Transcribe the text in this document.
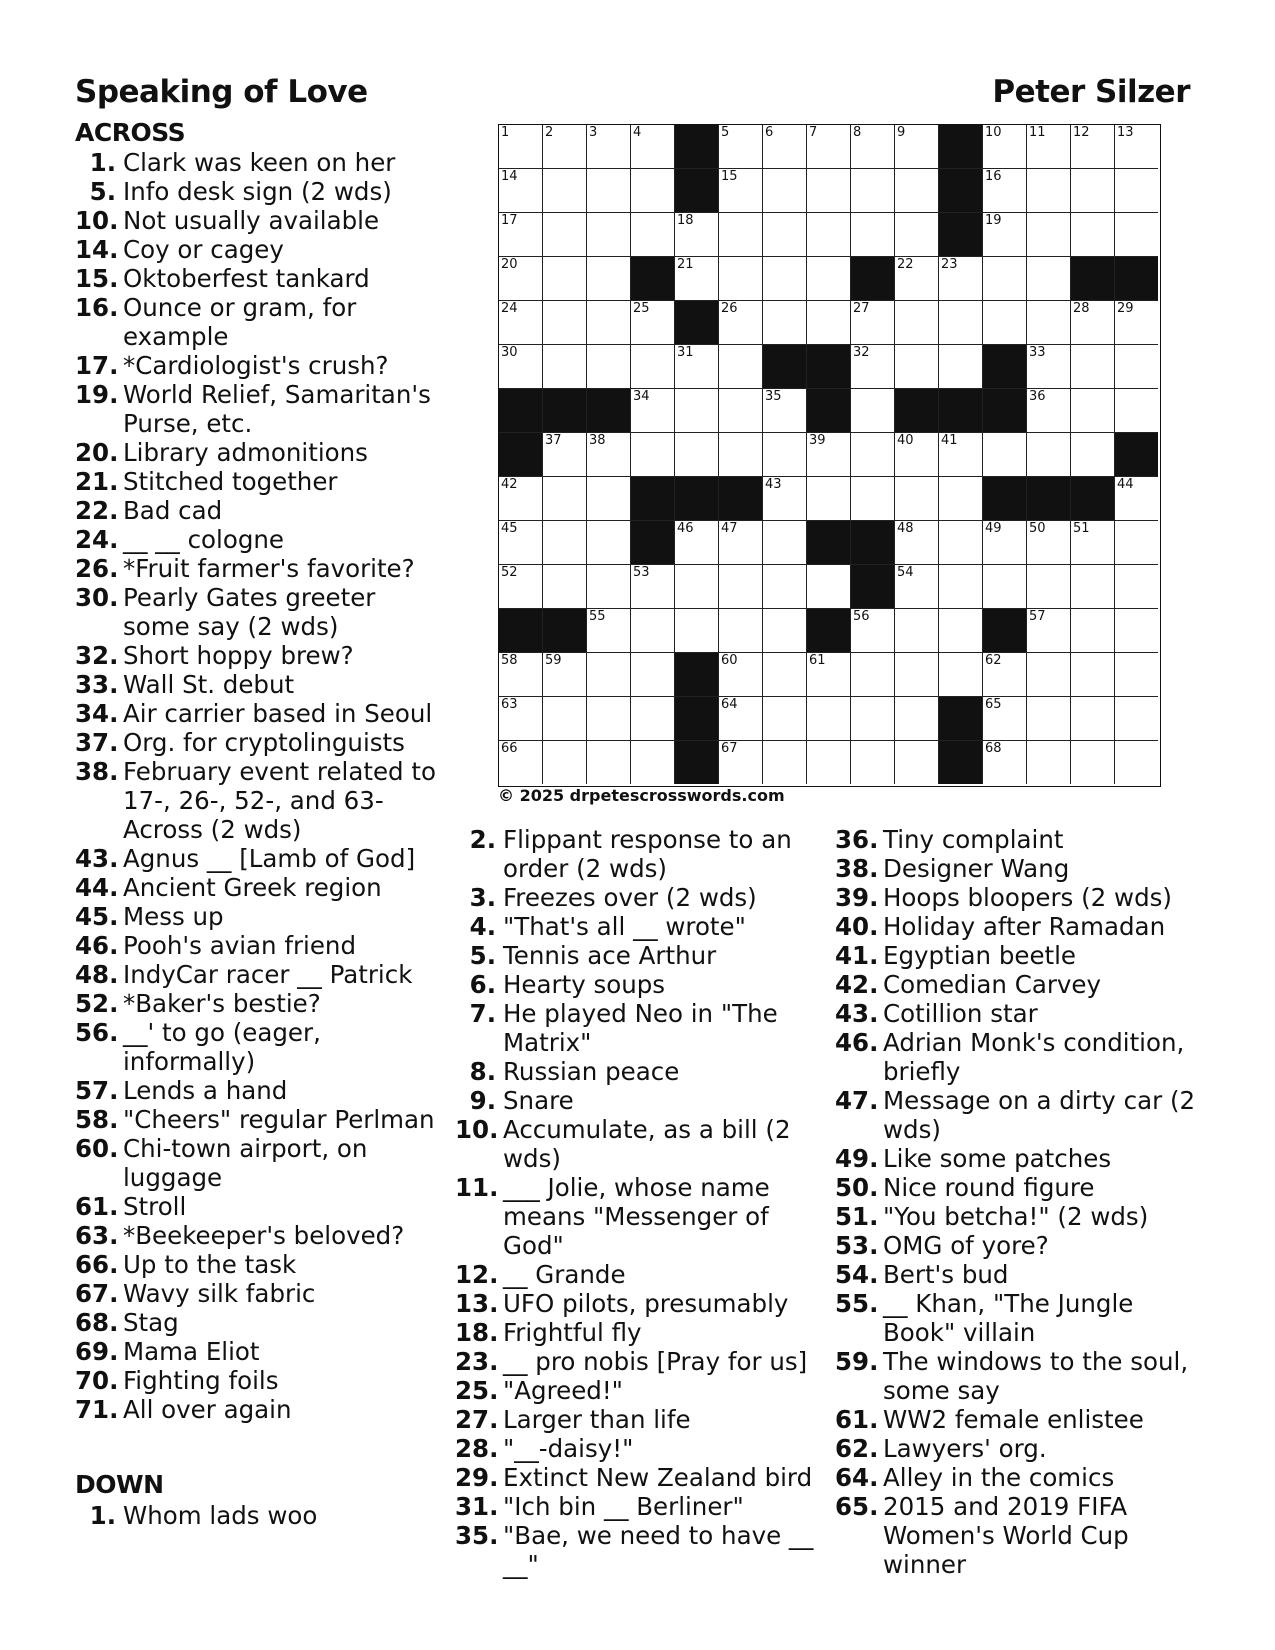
Speaking of Love	Peter Silzer
ACROSS
1. Clark was keen on her
5. Info desk sign (2 wds)
10. Not usually available
14. Coy or cagey
15. Oktoberfest tankard
16. Ounce or gram, for example
17. *Cardiologist's crush?
19. World Relief, Samaritan's Purse, etc.
20. Library admonitions
21. Stitched together
22. Bad cad
24. __ __ cologne
26. *Fruit farmer's favorite?
30. Pearly Gates greeter some say (2 wds)
32. Short hoppy brew?
33. Wall St. debut
34. Air carrier based in Seoul
37. Org. for cryptolinguists
38. February event related to 17-, 26-, 52-, and 63-Across (2 wds)
43. Agnus __ [Lamb of God]
44. Ancient Greek region
45. Mess up
46. Pooh's avian friend
48. IndyCar racer __ Patrick
52. *Baker's bestie?
56. __' to go (eager, informally)
57. Lends a hand
58. "Cheers" regular Perlman
60. Chi-town airport, on luggage
61. Stroll
63. *Beekeeper's beloved?
66. Up to the task
67. Wavy silk fabric
68. Stag
69. Mama Eliot
70. Fighting foils
71. All over again
DOWN
1. Whom lads woo
1	2	3	4	5	6	7	8	9	10 11 12 13
14	15	16
17	18	19
20	21	22 23
24	25	26	27	28 29
30	31	32	33
34	35	36
37 38	39	40 41
42	43	44
45	46 47	48	49 50 51
52	53	54
55	56	57
58 59	60	61	62
63	64	65
66	67	68
© 2025 drpetescrosswords.com
2. Flippant response to an order (2 wds)
3. Freezes over (2 wds)
4. "That's all __ wrote"
5. Tennis ace Arthur
6. Hearty soups
7. He played Neo in "The Matrix"
8. Russian peace
9. Snare
10. Accumulate, as a bill (2 wds)
11. ___ Jolie, whose name means "Messenger of God"
12. __ Grande
13. UFO pilots, presumably
18. Frightful fly
23. __ pro nobis [Pray for us]
25. "Agreed!"
27. Larger than life
28. "__-daisy!"
29. Extinct New Zealand bird
31. "Ich bin __ Berliner"
35. "Bae, we need to have __ __"
36. Tiny complaint
38. Designer Wang
39. Hoops bloopers (2 wds)
40. Holiday after Ramadan
41. Egyptian beetle
42. Comedian Carvey
43. Cotillion star
46. Adrian Monk's condition, briefly
47. Message on a dirty car (2 wds)
49. Like some patches
50. Nice round figure
51. "You betcha!" (2 wds)
53. OMG of yore?
54. Bert's bud
55. __ Khan, "The Jungle Book" villain
59. The windows to the soul, some say
61. WW2 female enlistee
62. Lawyers' org.
64. Alley in the comics
65. 2015 and 2019 FIFA Women's World Cup winner
